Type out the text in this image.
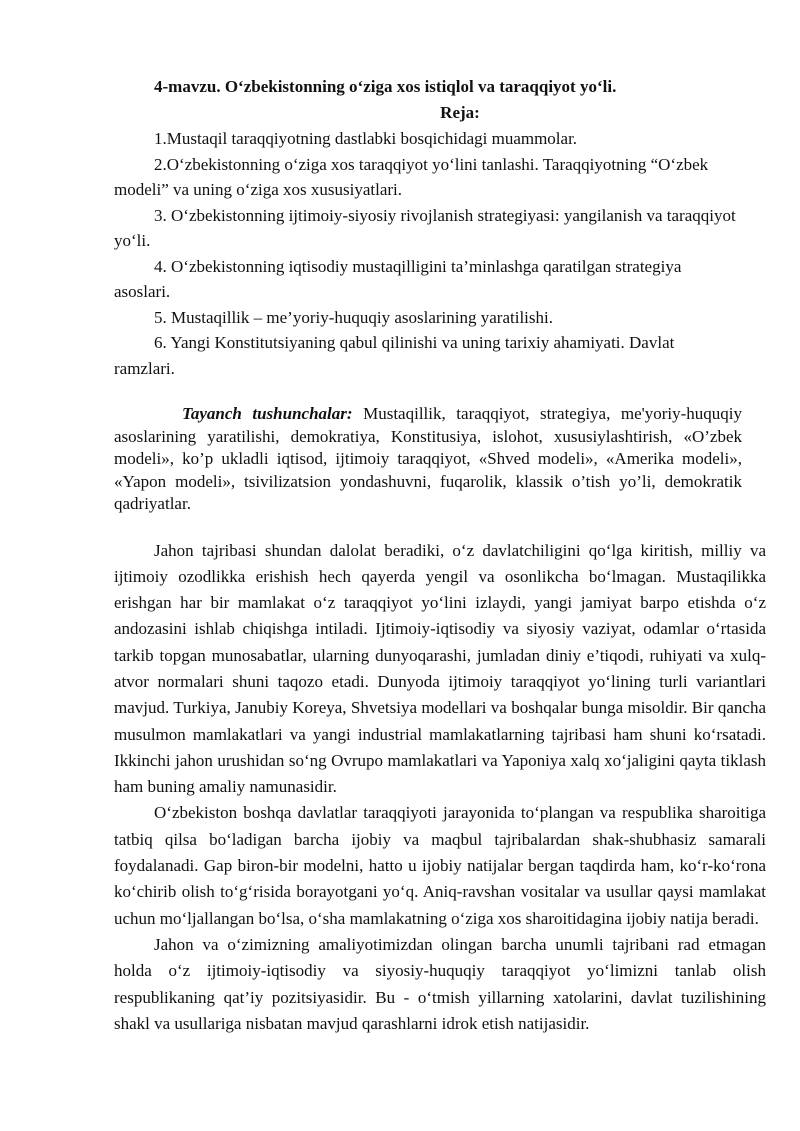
4-mavzu. O‘zbekistonning o‘ziga xos istiqlol va taraqqiyot yo‘li.
Reja:
1.Mustaqil taraqqiyotning dastlabki bosqichidagi muammolar.
2.O‘zbekistonning o‘ziga xos taraqqiyot yo‘lini tanlashi. Taraqqiyotning “O‘zbek modeli” va uning o‘ziga xos xususiyatlari.
3. O‘zbekistonning ijtimoiy-siyosiy rivojlanish strategiyasi: yangilanish va taraqqiyot yo‘li.
4. O‘zbekistonning iqtisodiy mustaqilligini ta’minlashga qaratilgan strategiya asoslari.
5. Mustaqillik – me’yoriy-huquqiy asoslarining yaratilishi.
6. Yangi Konstitutsiyaning qabul qilinishi va uning tarixiy ahamiyati. Davlat ramzlari.

Tayanch tushunchalar: Mustaqillik, taraqqiyot, strategiya, me'yoriy-huquqiy asoslarining yaratilishi, demokratiya, Konstitusiya, islohot, xususiylashtirish, «O’zbek modeli», ko’p ukladli iqtisod, ijtimoiy taraqqiyot, «Shved modeli», «Amerika modeli», «Yapon modeli», tsivilizatsion yondashuvni, fuqarolik, klassik o’tish yo’li, demokratik qadriyatlar.

Jahon tajribasi shundan dalolat beradiki, o‘z davlatchiligini qo‘lga kiritish, milliy va ijtimoiy ozodlikka erishish hech qayerda yengil va osonlikcha bo‘lmagan. Mustaqilikka erishgan har bir mamlakat o‘z taraqqiyot yo‘lini izlaydi, yangi jamiyat barpo etishda o‘z andozasini ishlab chiqishga intiladi. Ijtimoiy-iqtisodiy va siyosiy vaziyat, odamlar o‘rtasida tarkib topgan munosabatlar, ularning dunyoqarashi, jumladan diniy e’tiqodi, ruhiyati va xulq-atvor normalari shuni taqozo etadi. Dunyoda ijtimoiy taraqqiyot yo‘lining turli variantlari mavjud. Turkiya, Janubiy Koreya, Shvetsiya modellari va boshqalar bunga misoldir. Bir qancha musulmon mamlakatlari va yangi industrial mamlakatlarning tajribasi ham shuni ko‘rsatadi. Ikkinchi jahon urushidan so‘ng Ovrupo mamlakatlari va Yaponiya xalq xo‘jaligini qayta tiklash ham buning amaliy namunasidir.

O‘zbekiston boshqa davlatlar taraqqiyoti jarayonida to‘plangan va respublika sharoitiga tatbiq qilsa bo‘ladigan barcha ijobiy va maqbul tajribalardan shak-shubhasiz samarali foydalanadi. Gap biron-bir modelni, hatto u ijobiy natijalar bergan taqdirda ham, ko‘r-ko‘rona ko‘chirib olish to‘g‘risida borayotgani yo‘q. Aniq-ravshan vositalar va usullar qaysi mamlakat uchun mo‘ljallangan bo‘lsa, o‘sha mamlakatning o‘ziga xos sharoitidagina ijobiy natija beradi.

Jahon va o‘zimizning amaliyotimizdan olingan barcha unumli tajribani rad etmagan holda o‘z ijtimoiy-iqtisodiy va siyosiy-huquqiy taraqqiyot yo‘limizni tanlab olish respublikaning qat’iy pozitsiyasidir. Bu - o‘tmish yillarning xatolarini, davlat tuzilishining shakl va usullariga nisbatan mavjud qarashlarni idrok etish natijasidir.
